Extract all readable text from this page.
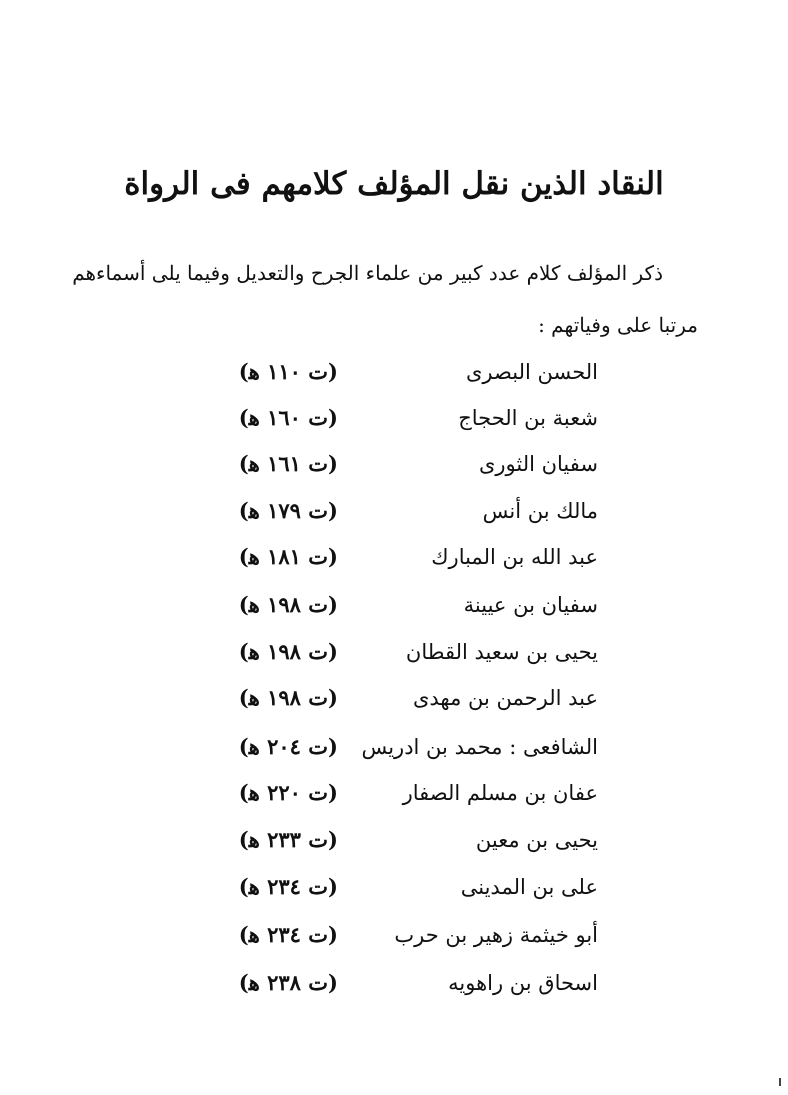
النقاد الذين نقل المؤلف كلامهم فى الرواة
ذكر المؤلف كلام عدد كبير من علماء الجرح والتعديل وفيما يلى أسماءهم
مرتبا على وفياتهم :
الحسن البصرى
(ت ١١٠ ﻫ)
شعبة بن الحجاج
(ت ١٦٠ ﻫ)
سفيان الثورى
(ت ١٦١ ﻫ)
مالك بن أنس
(ت ١٧٩ ﻫ)
عبد الله بن المبارك
(ت ١٨١ ﻫ)
سفيان بن عيينة
(ت ١٩٨ ﻫ)
يحيى بن سعيد القطان
(ت ١٩٨ ﻫ)
عبد الرحمن بن مهدى
(ت ١٩٨ ﻫ)
الشافعى : محمد بن ادريس
(ت ٢٠٤ ﻫ)
عفان بن مسلم الصفار
(ت ٢٢٠ ﻫ)
يحيى بن معين
(ت ٢٣٣ ﻫ)
على بن المدينى
(ت ٢٣٤ ﻫ)
أبو خيثمة زهير بن حرب
(ت ٢٣٤ ﻫ)
اسحاق بن راهويه
(ت ٢٣٨ ﻫ)
